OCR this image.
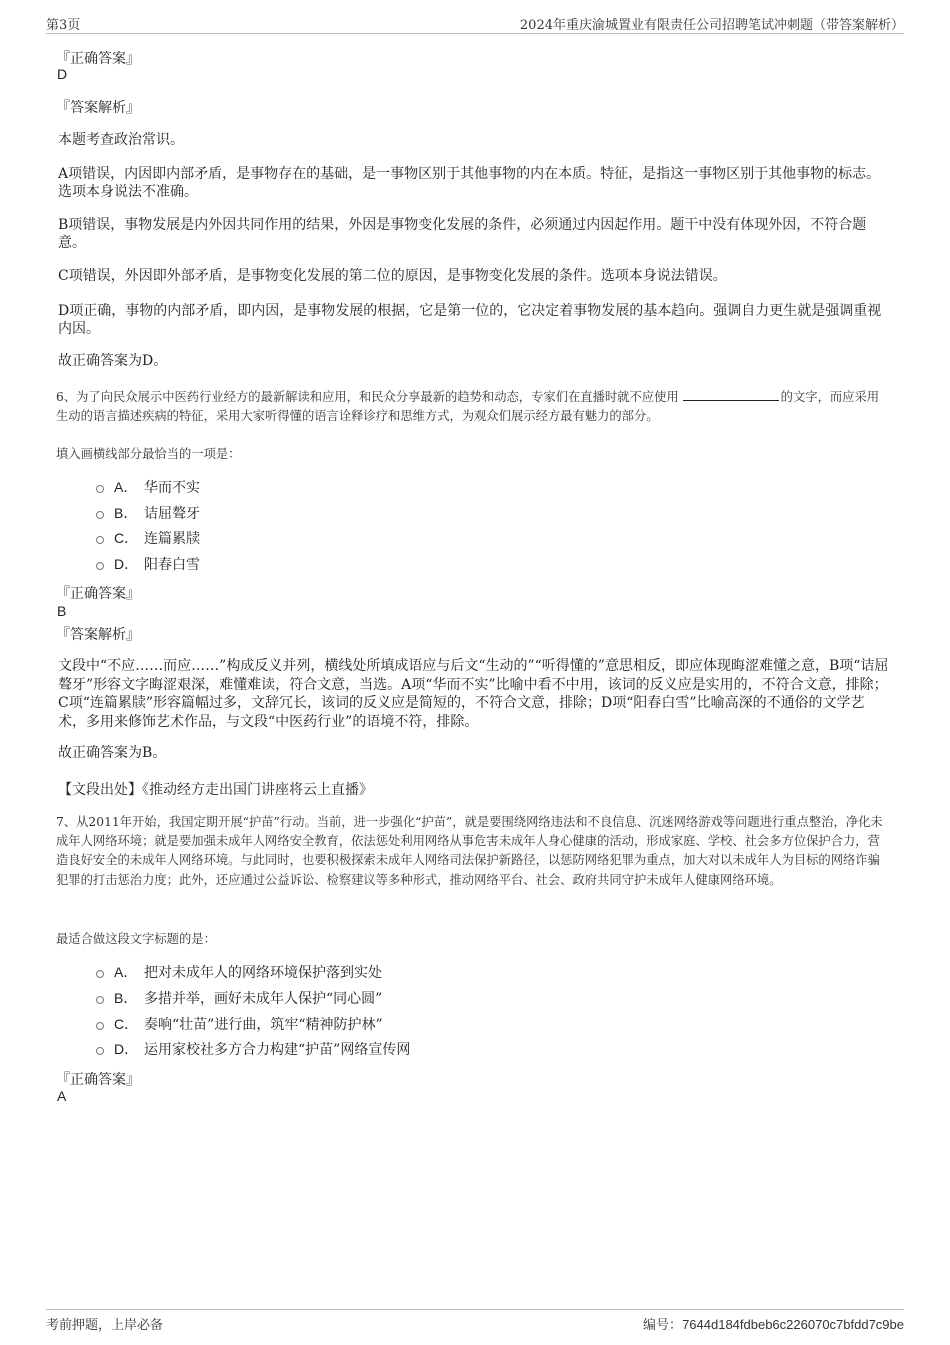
第3页	2024年重庆渝城置业有限责任公司招聘笔试冲刺题（带答案解析）
『正确答案』
D
『答案解析』
本题考查政治常识。
A项错误，内因即内部矛盾，是事物存在的基础，是一事物区别于其他事物的内在本质。特征，是指这一事物区别于其他事物的标志。选项本身说法不准确。
B项错误，事物发展是内外因共同作用的结果，外因是事物变化发展的条件，必须通过内因起作用。题干中没有体现外因，不符合题意。
C项错误，外因即外部矛盾，是事物变化发展的第二位的原因，是事物变化发展的条件。选项本身说法错误。
D项正确，事物的内部矛盾，即内因，是事物发展的根据，它是第一位的，它决定着事物发展的基本趋向。强调自力更生就是强调重视内因。
故正确答案为D。
6、为了向民众展示中医药行业经方的最新解读和应用，和民众分享最新的趋势和动态，专家们在直播时就不应使用	的文字，而应采用生动的语言描述疾病的特征，采用大家听得懂的语言诠释诊疗和思维方式，为观众们展示经方最有魅力的部分。
填入画横线部分最恰当的一项是：
A． 华而不实
B． 诘屈聱牙
C． 连篇累牍
D． 阳春白雪
『正确答案』
B
『答案解析』
文段中“不应……而应……”构成反义并列，横线处所填成语应与后文“生动的”“听得懂的”意思相反，即应体现晦涩难懂之意，B项“诘屈聱牙”形容文字晦涩艰深，难懂难读，符合文意，当选。A项“华而不实”比喻中看不中用，该词的反义应是实用的，不符合文意，排除；C项“连篇累牍”形容篇幅过多，文辞冗长，该词的反义应是简短的，不符合文意，排除；D项“阳春白雪”比喻高深的不通俗的文学艺术，多用来修饰艺术作品，与文段“中医药行业”的语境不符，排除。
故正确答案为B。
【文段出处】《推动经方走出国门讲座将云上直播》
7、从2011年开始，我国定期开展“护苗”行动。当前，进一步强化“护苗”，就是要围绕网络违法和不良信息、沉迷网络游戏等问题进行重点整治，净化未成年人网络环境；就是要加强未成年人网络安全教育，依法惩处利用网络从事危害未成年人身心健康的活动，形成家庭、学校、社会多方位保护合力，营造良好安全的未成年人网络环境。与此同时，也要积极探索未成年人网络司法保护新路径，以惩防网络犯罪为重点，加大对以未成年人为目标的网络诈骗犯罪的打击惩治力度；此外，还应通过公益诉讼、检察建议等多种形式，推动网络平台、社会、政府共同守护未成年人健康网络环境。
最适合做这段文字标题的是：
A． 把对未成年人的网络环境保护落到实处
B． 多措并举，画好未成年人保护“同心圆”
C． 奏响“壮苗”进行曲，筑牢“精神防护林”
D． 运用家校社多方合力构建“护苗”网络宣传网
『正确答案』
A
考前押题，上岸必备	编号：7644d184fdbeb6c226070c7bfdd7c9be
